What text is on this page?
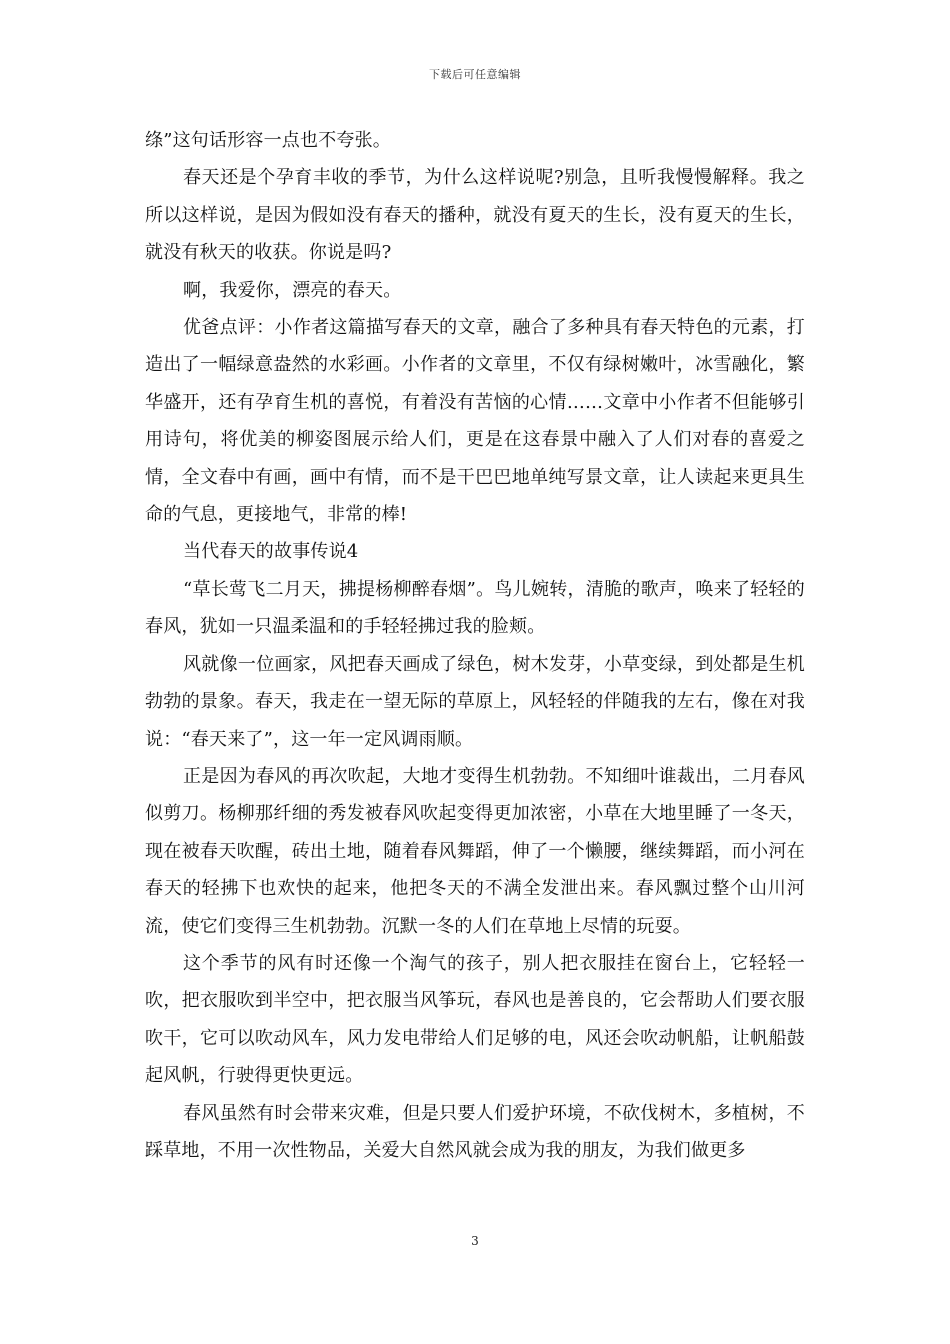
下载后可任意编辑

绦”这句话形容一点也不夸张。

春天还是个孕育丰收的季节，为什么这样说呢?别急，且听我慢慢解释。我之所以这样说，是因为假如没有春天的播种，就没有夏天的生长，没有夏天的生长，就没有秋天的收获。你说是吗?

啊，我爱你，漂亮的春天。

优爸点评：小作者这篇描写春天的文章，融合了多种具有春天特色的元素，打造出了一幅绿意盎然的水彩画。小作者的文章里，不仅有绿树嫩叶，冰雪融化，繁华盛开，还有孕育生机的喜悦，有着没有苦恼的心情……文章中小作者不但能够引用诗句，将优美的柳姿图展示给人们，更是在这春景中融入了人们对春的喜爱之情，全文春中有画，画中有情，而不是干巴巴地单纯写景文章，让人读起来更具生命的气息，更接地气，非常的棒!

当代春天的故事传说4

“草长莺飞二月天，拂提杨柳醉春烟”。鸟儿婉转，清脆的歌声，唤来了轻轻的春风，犹如一只温柔温和的手轻轻拂过我的脸颊。

风就像一位画家，风把春天画成了绿色，树木发芽，小草变绿，到处都是生机勃勃的景象。春天，我走在一望无际的草原上，风轻轻的伴随我的左右，像在对我说：“春天来了”，这一年一定风调雨顺。

正是因为春风的再次吹起，大地才变得生机勃勃。不知细叶谁裁出，二月春风似剪刀。杨柳那纤细的秀发被春风吹起变得更加浓密，小草在大地里睡了一冬天，现在被春天吹醒，砖出土地，随着春风舞蹈，伸了一个懒腰，继续舞蹈，而小河在春天的轻拂下也欢快的起来，他把冬天的不满全发泄出来。春风飘过整个山川河流，使它们变得三生机勃勃。沉默一冬的人们在草地上尽情的玩耍。

这个季节的风有时还像一个淘气的孩子，别人把衣服挂在窗台上，它轻轻一吹，把衣服吹到半空中，把衣服当风筝玩，春风也是善良的，它会帮助人们要衣服吹干，它可以吹动风车，风力发电带给人们足够的电，风还会吹动帆船，让帆船鼓起风帆，行驶得更快更远。

春风虽然有时会带来灾难，但是只要人们爱护环境，不砍伐树木，多植树，不踩草地，不用一次性物品，关爱大自然风就会成为我的朋友，为我们做更多

3
